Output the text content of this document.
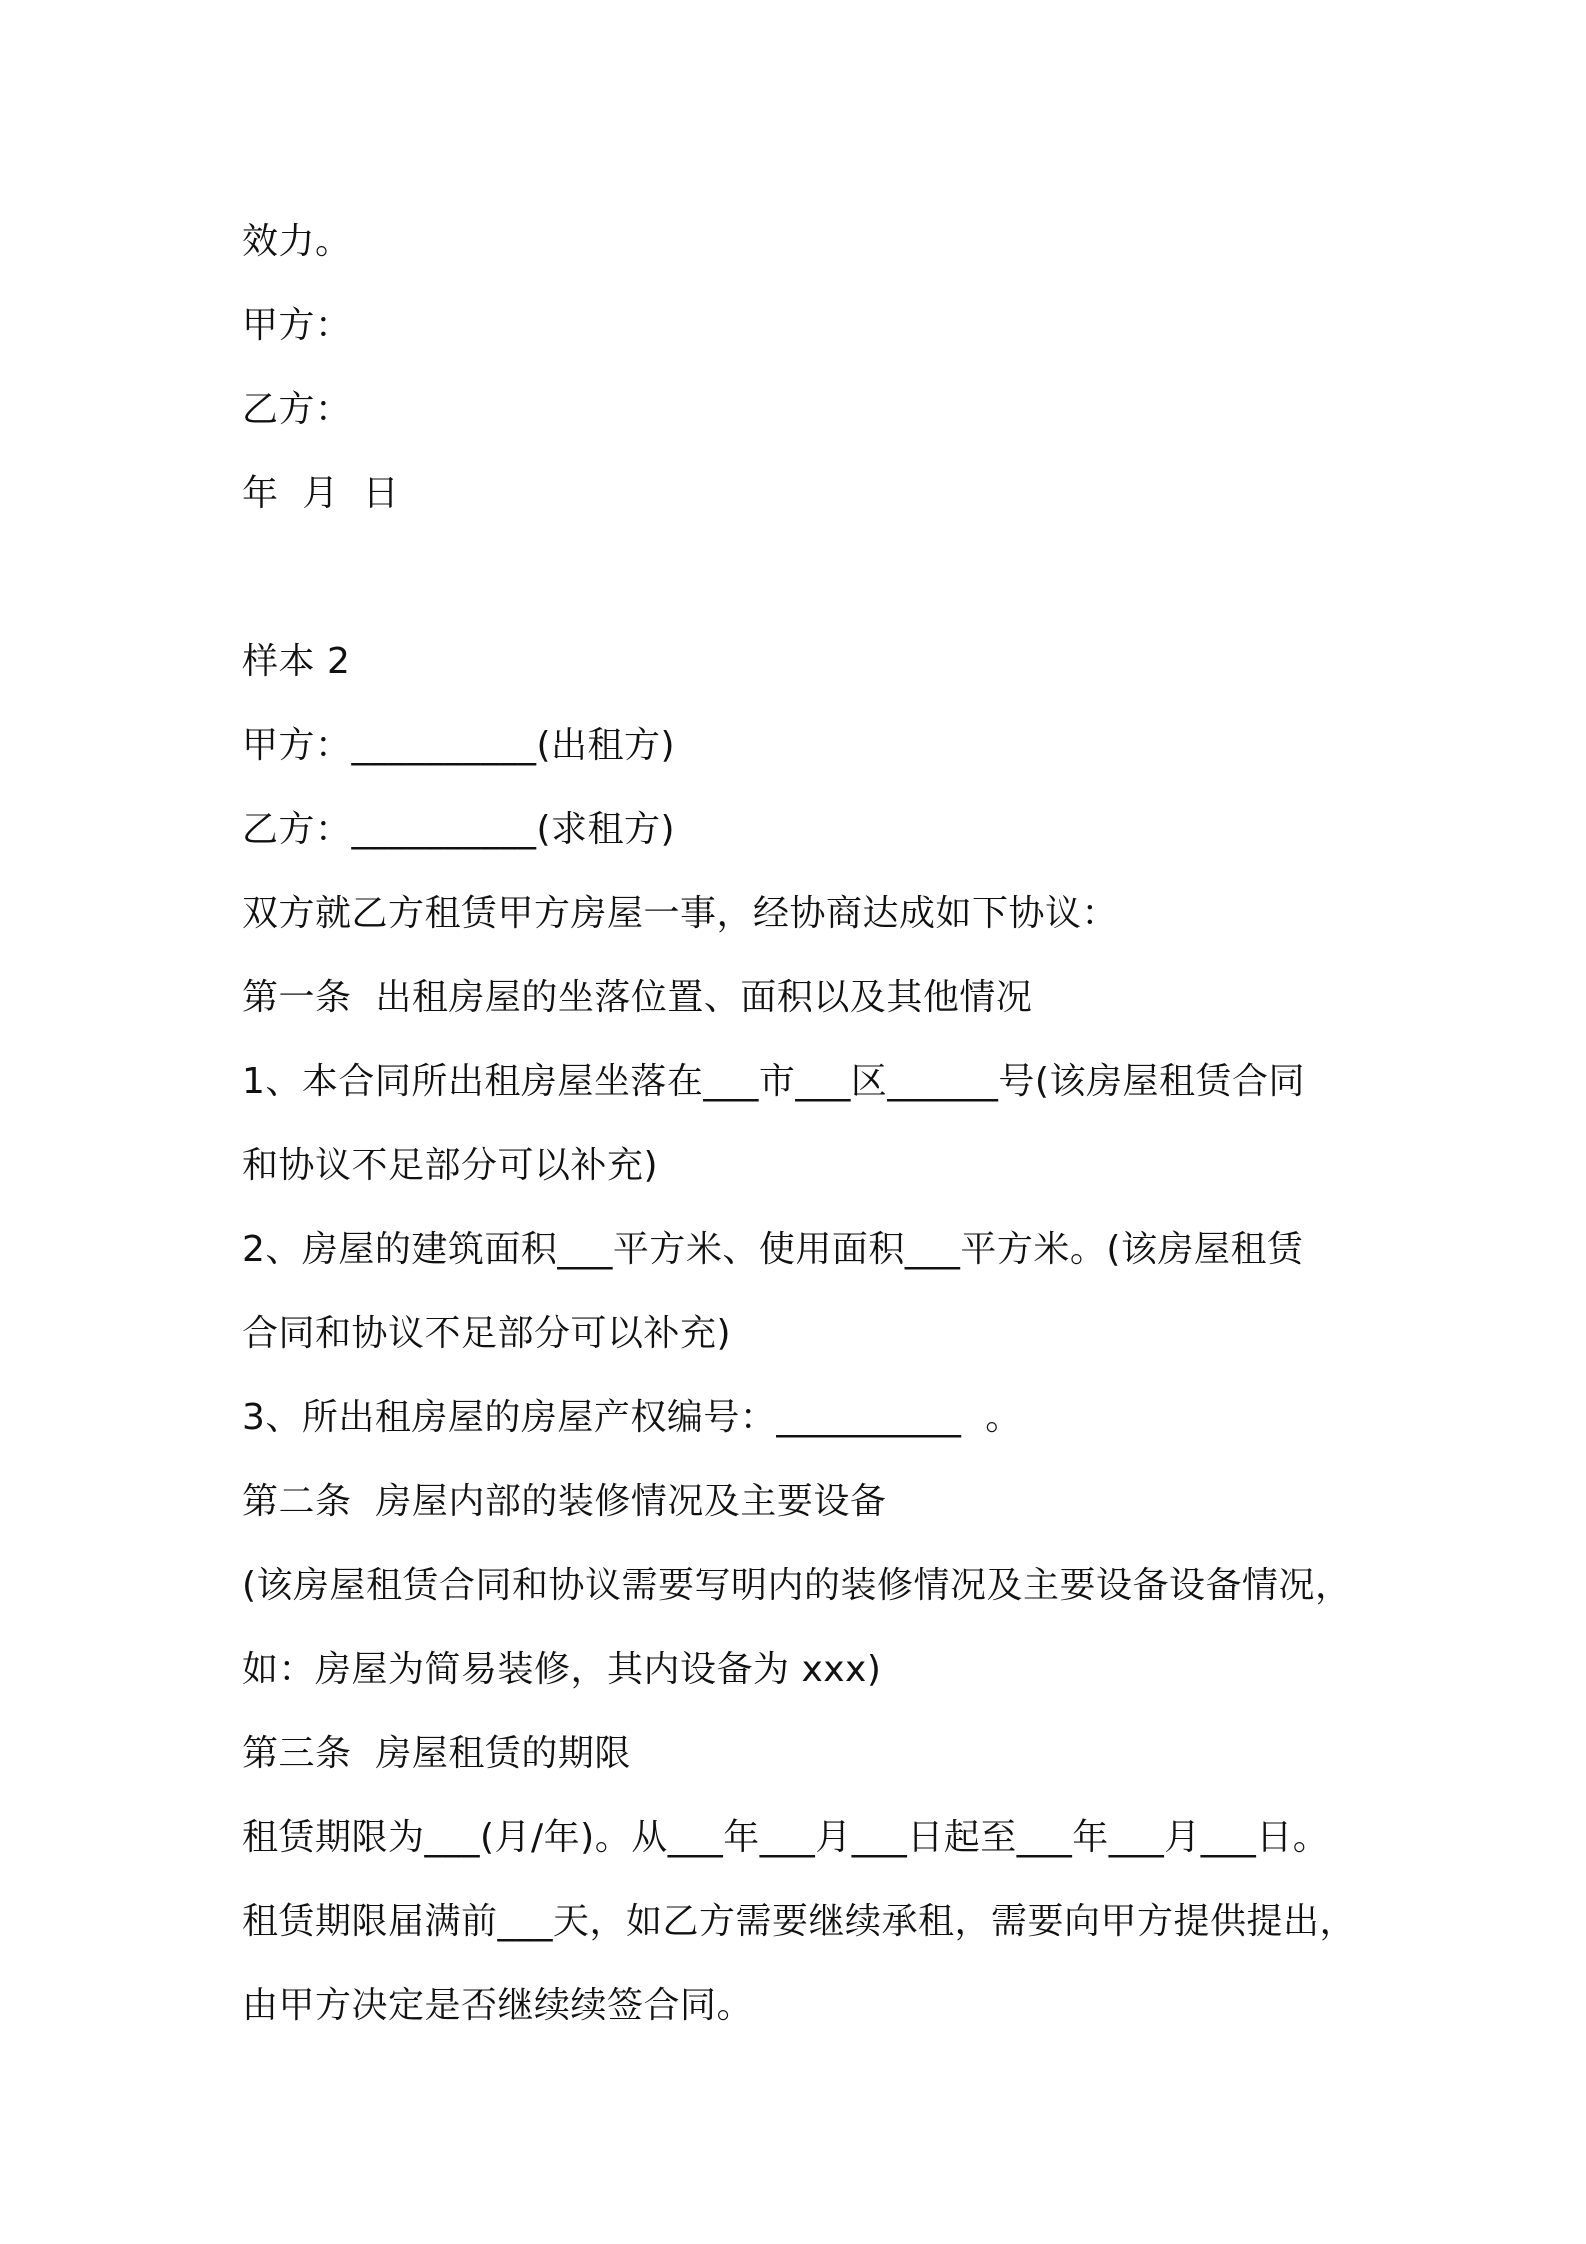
效力。
甲方：
乙方：
年  月  日
样本 2
甲方：__________(出租方)
乙方：__________(求租方)
双方就乙方租赁甲方房屋一事，经协商达成如下协议：
第一条  出租房屋的坐落位置、面积以及其他情况
1、本合同所出租房屋坐落在___市___区______号(该房屋租赁合同
和协议不足部分可以补充)
2、房屋的建筑面积___平方米、使用面积___平方米。(该房屋租赁
合同和协议不足部分可以补充)
3、所出租房屋的房屋产权编号：__________  。
第二条  房屋内部的装修情况及主要设备
(该房屋租赁合同和协议需要写明内的装修情况及主要设备设备情况，
如：房屋为简易装修，其内设备为 xxx)
第三条  房屋租赁的期限
租赁期限为___(月/年)。从___年___月___日起至___年___月___日。
租赁期限届满前___天，如乙方需要继续承租，需要向甲方提供提出，
由甲方决定是否继续续签合同。
